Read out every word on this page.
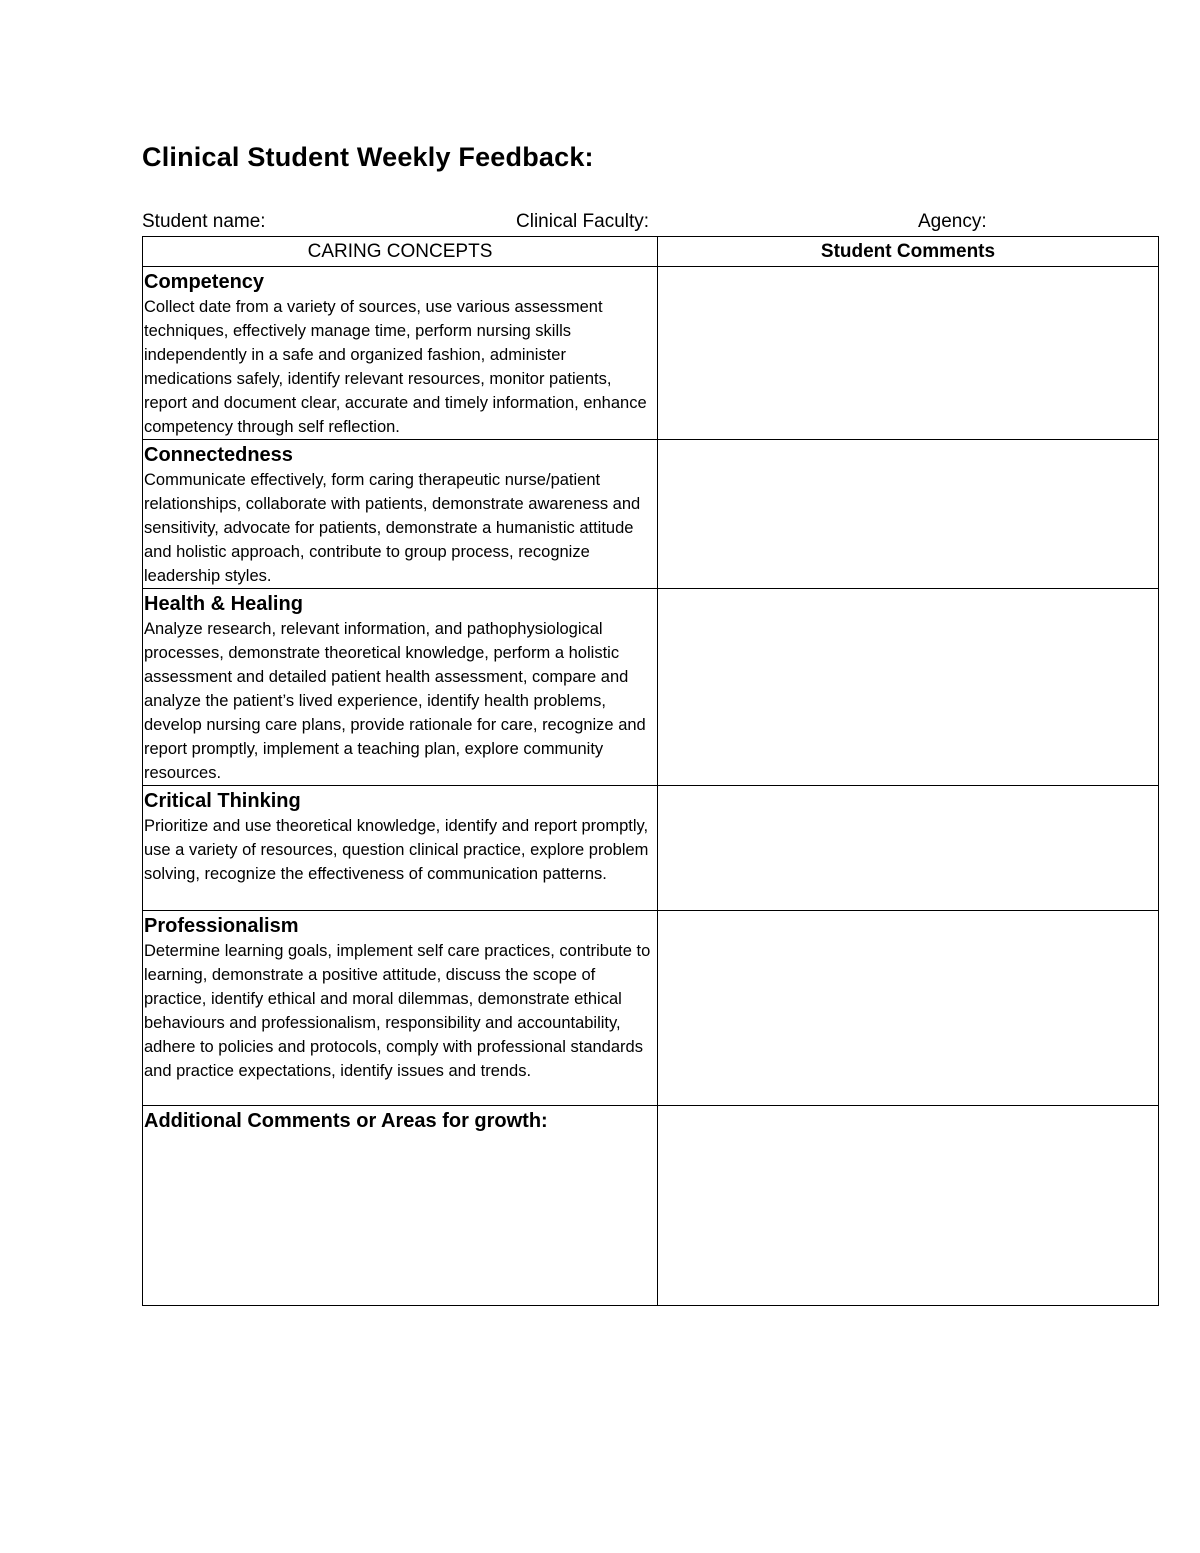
Clinical Student Weekly Feedback:
Student name:	Clinical Faculty:	Agency:
CARING CONCEPTS	Student Comments

Competency
Collect date from a variety of sources, use various assessment techniques, effectively manage time, perform nursing skills independently in a safe and organized fashion, administer medications safely, identify relevant resources, monitor patients, report and document clear, accurate and timely information, enhance competency through self reflection.	

Connectedness
Communicate effectively, form caring therapeutic nurse/patient relationships, collaborate with patients, demonstrate awareness and sensitivity, advocate for patients, demonstrate a humanistic attitude and holistic approach, contribute to group process, recognize leadership styles.	

Health & Healing
Analyze research, relevant information, and pathophysiological processes, demonstrate theoretical knowledge, perform a holistic assessment and detailed patient health assessment, compare and analyze the patient’s lived experience, identify health problems, develop nursing care plans, provide rationale for care, recognize and report promptly, implement a teaching plan, explore community resources.	

Critical Thinking
Prioritize and use theoretical knowledge, identify and report promptly, use a variety of resources, question clinical practice, explore problem solving, recognize the effectiveness of communication patterns.	

Professionalism
Determine learning goals, implement self care practices, contribute to learning, demonstrate a positive attitude, discuss the scope of practice, identify ethical and moral dilemmas, demonstrate ethical behaviours and professionalism, responsibility and accountability, adhere to policies and protocols, comply with professional standards and practice expectations, identify issues and trends.	

Additional Comments or Areas for growth:	
